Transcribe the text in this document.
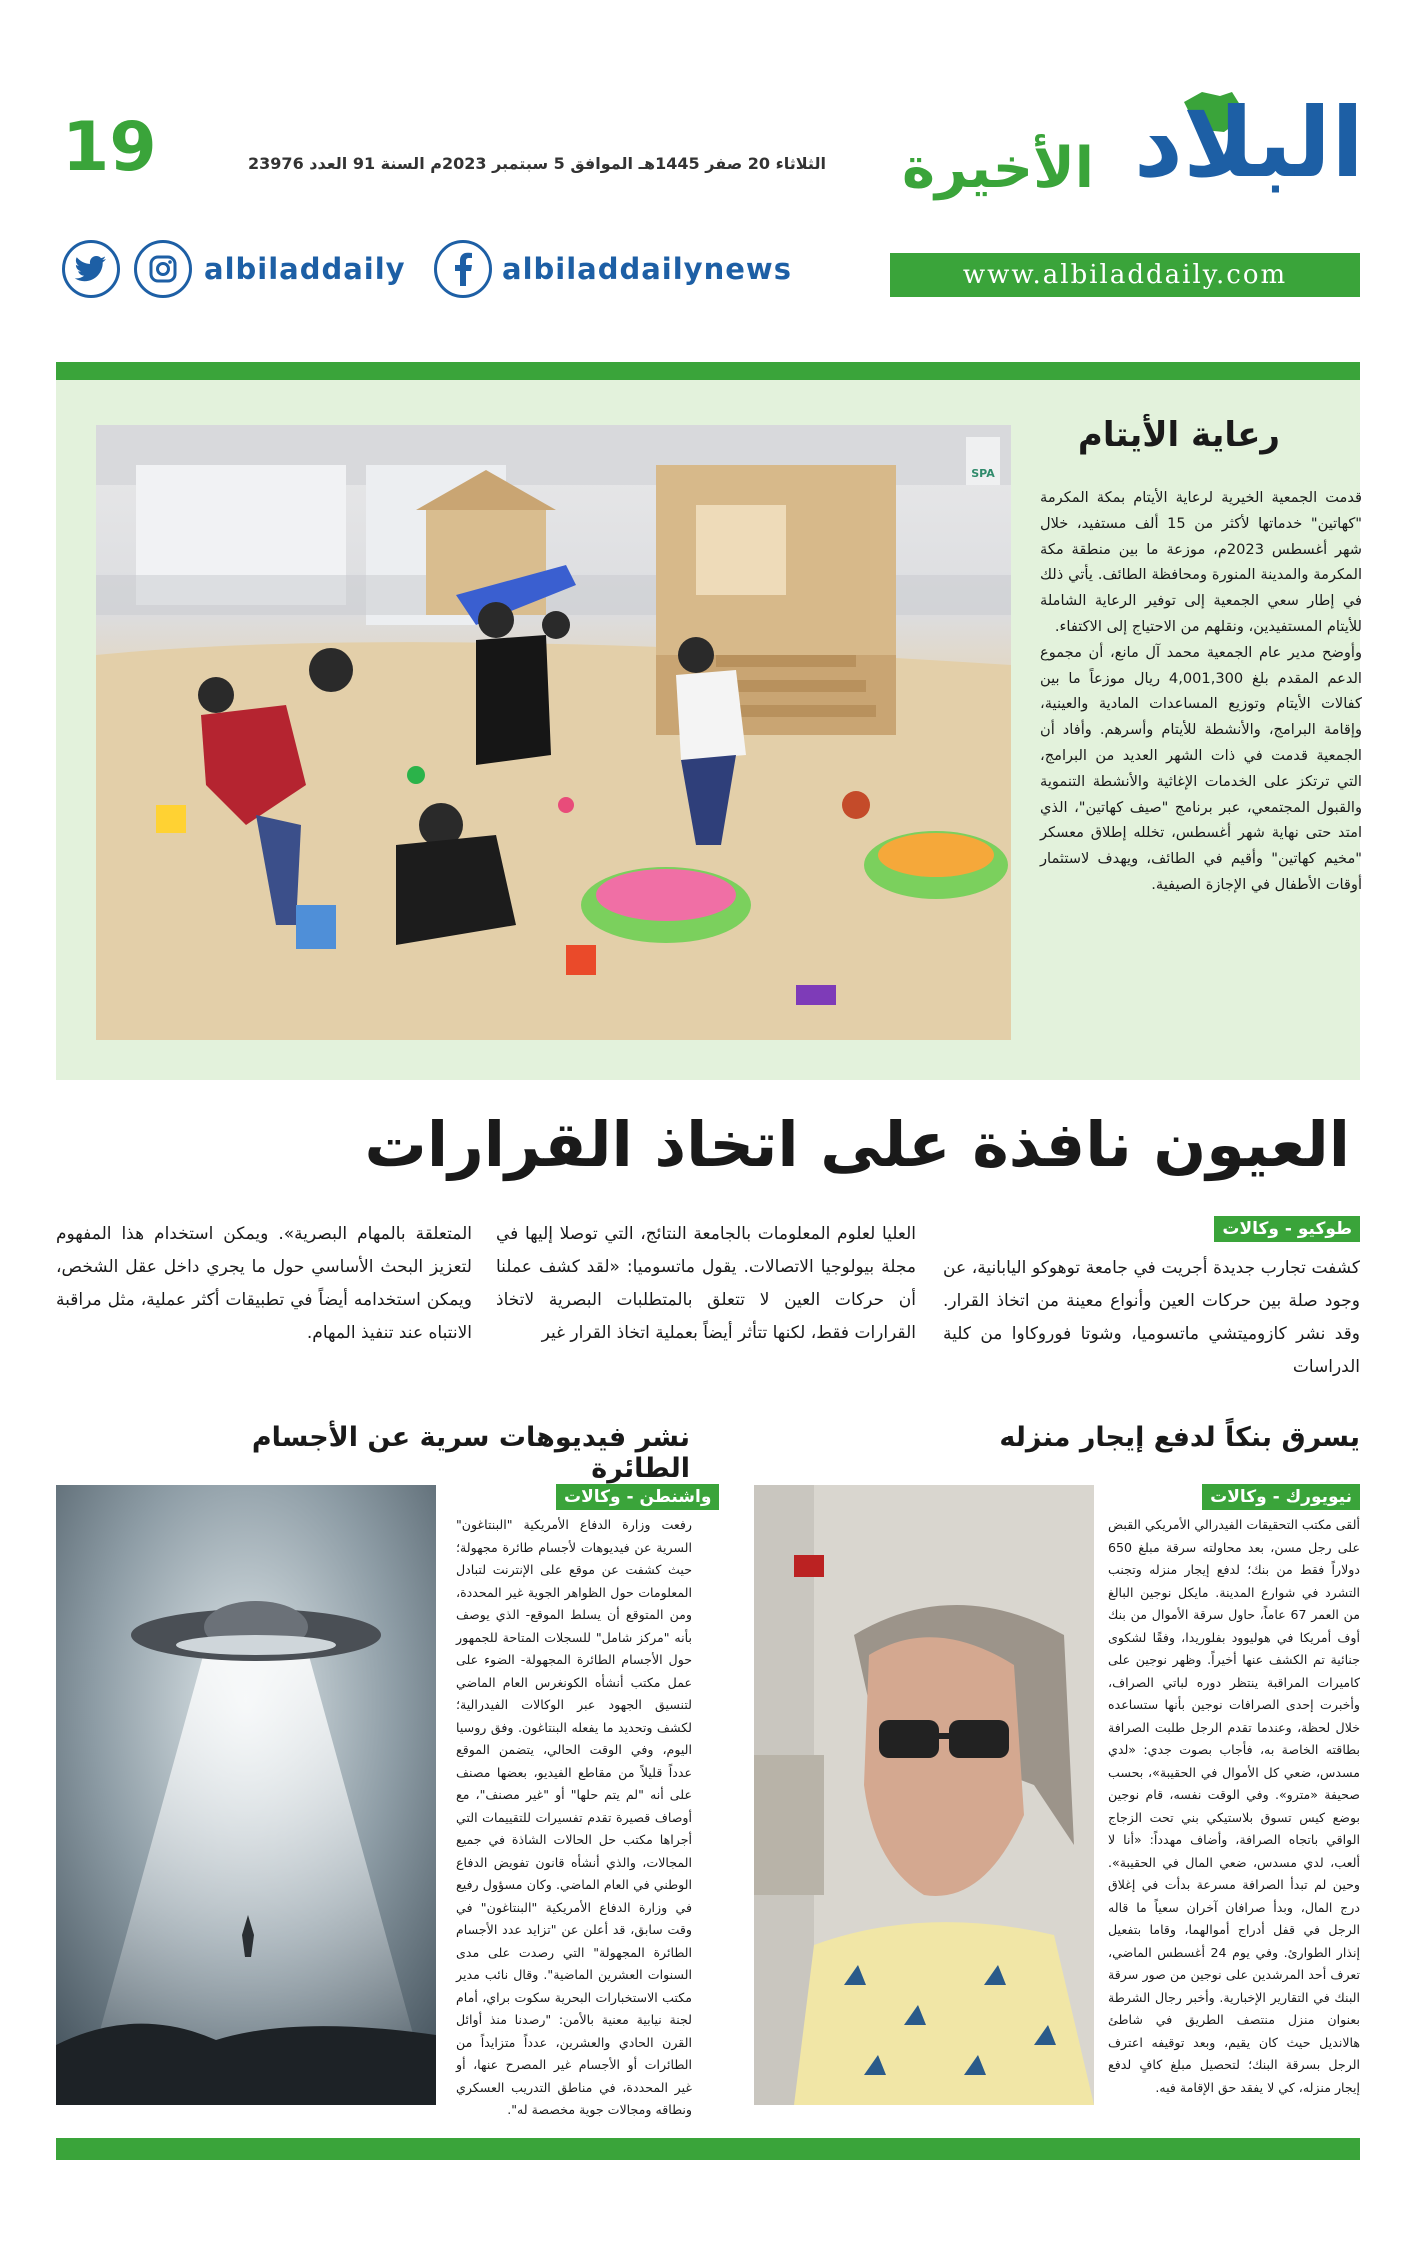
19	الثلاثاء 20 صفر 1445هـ الموافق 5 سبتمبر 2023م السنة 91 العدد 23976	البلاد
الأخيرة
www.albiladdaily.com
albiladdaily	albiladdailynews
SPA
رعاية الأيتام

قدمت الجمعية الخيرية لرعاية الأيتام بمكة المكرمة "كهاتين" خدماتها لأكثر من 15 ألف مستفيد، خلال شهر أغسطس 2023م، موزعة ما بين منطقة مكة المكرمة والمدينة المنورة ومحافظة الطائف. يأتي ذلك في إطار سعي الجمعية إلى توفير الرعاية الشاملة للأيتام المستفيدين، ونقلهم من الاحتياج إلى الاكتفاء.

وأوضح مدير عام الجمعية محمد آل مانع، أن مجموع الدعم المقدم بلغ 4,001,300 ريال موزعاً ما بين كفالات الأيتام وتوزيع المساعدات المادية والعينية، وإقامة البرامج، والأنشطة للأيتام وأسرهم. وأفاد أن الجمعية قدمت في ذات الشهر العديد من البرامج، التي ترتكز على الخدمات الإغاثية والأنشطة التنموية والقبول المجتمعي، عبر برنامج "صيف كهاتين"، الذي امتد حتى نهاية شهر أغسطس، تخلله إطلاق معسكر "مخيم كهاتين" وأقيم في الطائف، ويهدف لاستثمار أوقات الأطفال في الإجازة الصيفية.

العيون نافذة على اتخاذ القرارات
طوكيو - وكالات

كشفت تجارب جديدة أجريت في جامعة توهوكو اليابانية، عن وجود صلة بين حركات العين وأنواع معينة من اتخاذ القرار. وقد نشر كازوميتشي ماتسوميا، وشوتا فوروكاوا من كلية الدراسات

العليا لعلوم المعلومات بالجامعة النتائج، التي توصلا إليها في مجلة بيولوجيا الاتصالات. يقول ماتسوميا: «لقد كشف عملنا أن حركات العين لا تتعلق بالمتطلبات البصرية لاتخاذ القرارات فقط، لكنها تتأثر أيضاً بعملية اتخاذ القرار غير

المتعلقة بالمهام البصرية». ويمكن استخدام هذا المفهوم لتعزيز البحث الأساسي حول ما يجري داخل عقل الشخص، ويمكن استخدامه أيضاً في تطبيقات أكثر عملية، مثل مراقبة الانتباه عند تنفيذ المهام.

يسرق بنكاً لدفع إيجار منزله
نيويورك - وكالات

ألقى مكتب التحقيقات الفيدرالي الأمريكي القبض على رجل مسن، بعد محاولته سرقة مبلغ 650 دولاراً فقط من بنك؛ لدفع إيجار منزله وتجنب التشرد في شوارع المدينة. مايكل نوجين البالغ من العمر 67 عاماً، حاول سرقة الأموال من بنك أوف أمريكا في هوليوود بفلوريدا، وفقًا لشكوى جنائية تم الكشف عنها أخيراً. وظهر نوجين على كاميرات المراقبة ينتظر دوره لباتي الصراف، وأخبرت إحدى الصرافات نوجين بأنها ستساعده خلال لحظة، وعندما تقدم الرجل طلبت الصرافة بطاقته الخاصة به، فأجاب بصوت جدي: «لدي مسدس، ضعي كل الأموال في الحقيبة»، بحسب صحيفة «مترو». وفي الوقت نفسه، قام نوجين بوضع كيس تسوق بلاستيكي بني تحت الزجاج الواقي باتجاه الصرافة، وأضاف مهدداً: «أنا لا ألعب، لدي مسدس، ضعي المال في الحقيبة». وحين لم تبدأ الصرافة مسرعة بدأت في إغلاق درج المال، وبدأ صرافان آخران سعياً ما قاله الرجل في قفل أدراج أموالهما، وقاما بتفعيل إنذار الطوارئ. وفي يوم 24 أغسطس الماضي، تعرف أحد المرشدين على نوجين من صور سرقة البنك في التقارير الإخبارية. وأخبر رجال الشرطة بعنوان منزل منتصف الطريق في شاطئ هالانديل حيث كان يقيم، وبعد توقيفه اعترف الرجل بسرقة البنك؛ لتحصيل مبلغ كافٍ لدفع إيجار منزله، كي لا يفقد حق الإقامة فيه.

نشر فيديوهات سرية عن الأجسام الطائرة
واشنطن - وكالات

رفعت وزارة الدفاع الأمريكية "البنتاغون" السرية عن فيديوهات لأجسام طائرة مجهولة؛ حيث كشفت عن موقع على الإنترنت لتبادل المعلومات حول الظواهر الجوية غير المحددة، ومن المتوقع أن يسلط الموقع- الذي يوصف بأنه "مركز شامل" للسجلات المتاحة للجمهور حول الأجسام الطائرة المجهولة- الضوء على عمل مكتب أنشأه الكونغرس العام الماضي لتنسيق الجهود عبر الوكالات الفيدرالية؛ لكشف وتحديد ما يفعله البنتاغون. وفق روسيا اليوم، وفي الوقت الحالي، يتضمن الموقع عدداً قليلاً من مقاطع الفيديو، بعضها مصنف على أنه "لم يتم حلها" أو "غير مصنف"، مع أوصاف قصيرة تقدم تفسيرات للتقييمات التي أجراها مكتب حل الحالات الشاذة في جميع المجالات، والذي أنشأه قانون تفويض الدفاع الوطني في العام الماضي. وكان مسؤول رفيع في وزارة الدفاع الأمريكية "البنتاغون" في وقت سابق، قد أعلن عن "تزايد عدد الأجسام الطائرة المجهولة" التي رصدت على مدى السنوات العشرين الماضية". وقال نائب مدير مكتب الاستخبارات البحرية سكوت براي، أمام لجنة نيابية معنية بالأمن: "رصدنا منذ أوائل القرن الحادي والعشرين، عدداً متزايداً من الطائرات أو الأجسام غير المصرح عنها، أو غير المحددة، في مناطق التدريب العسكري ونطاقه ومجالات جوية مخصصة له".
